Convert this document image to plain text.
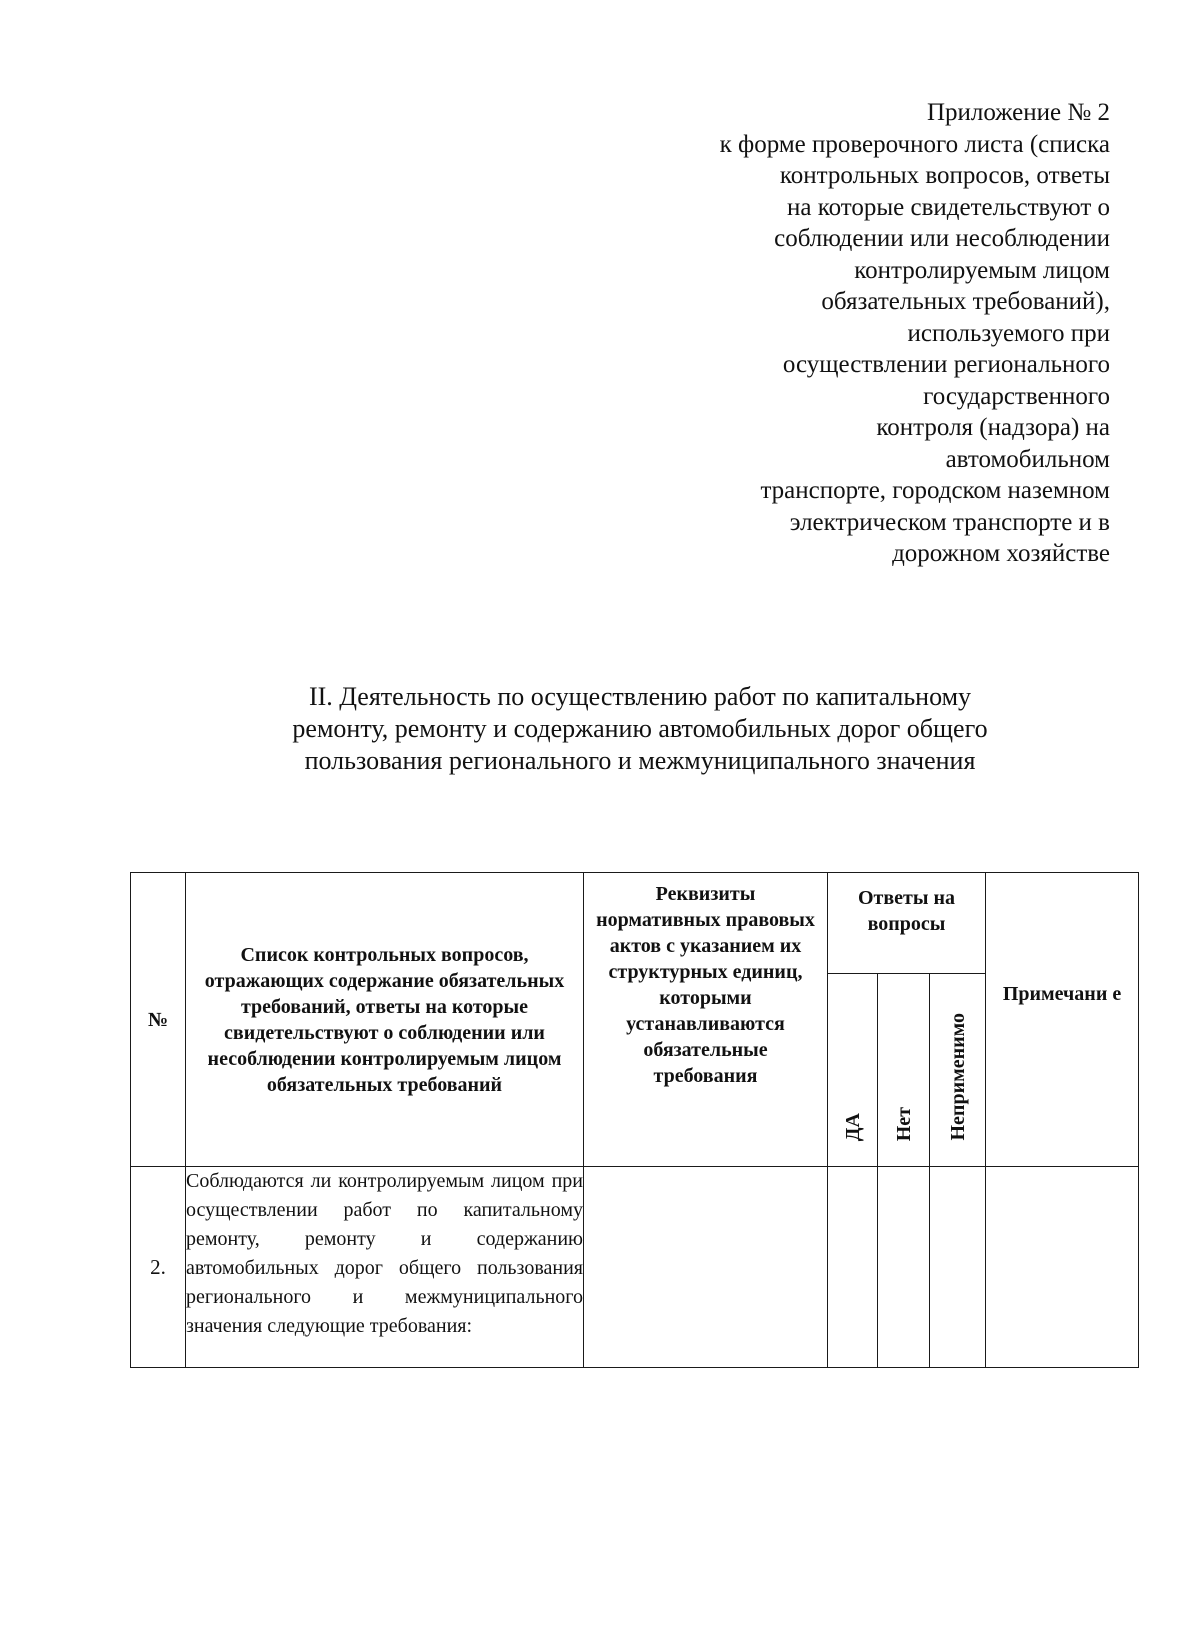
Приложение № 2
к форме проверочного листа (списка
контрольных вопросов, ответы
на которые свидетельствуют о
соблюдении или несоблюдении
контролируемым лицом
обязательных требований),
используемого при
осуществлении регионального
государственного
контроля (надзора) на
автомобильном
транспорте, городском наземном
электрическом транспорте и в
дорожном хозяйстве
II. Деятельность по осуществлению работ по капитальному
ремонту, ремонту и содержанию автомобильных дорог общего
пользования регионального и межмуниципального значения
№	Список контрольных вопросов, отражающих содержание обязательных требований, ответы на которые свидетельствуют о соблюдении или несоблюдении контролируемым лицом обязательных требований	Реквизиты нормативных правовых актов с указанием их структурных единиц, которыми устанавливаются обязательные требования	Ответы на вопросы			Примечани е
			ДА	Нет	Неприменимо	
2.	Соблюдаются ли контролируемым лицом при осуществлении работ по капитальному ремонту, ремонту и содержанию автомобильных дорог общего пользования регионального и межмуниципального значения следующие требования:					
